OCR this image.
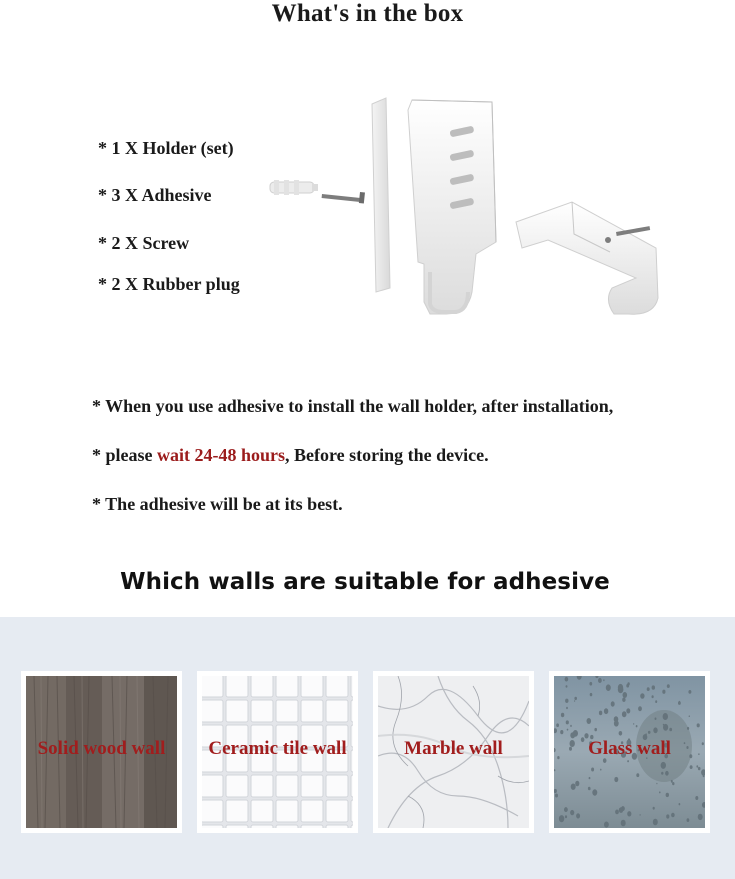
What's in the box
* 1 X Holder (set)
* 3 X Adhesive
* 2 X Screw
* 2 X Rubber plug
* When you use adhesive to install the wall holder, after installation,
* please wait 24-48 hours, Before storing the device.
* The adhesive will be at its best.
Which walls are suitable for adhesive
Solid wood wall	Ceramic tile wall	Marble wall	Glass wall
